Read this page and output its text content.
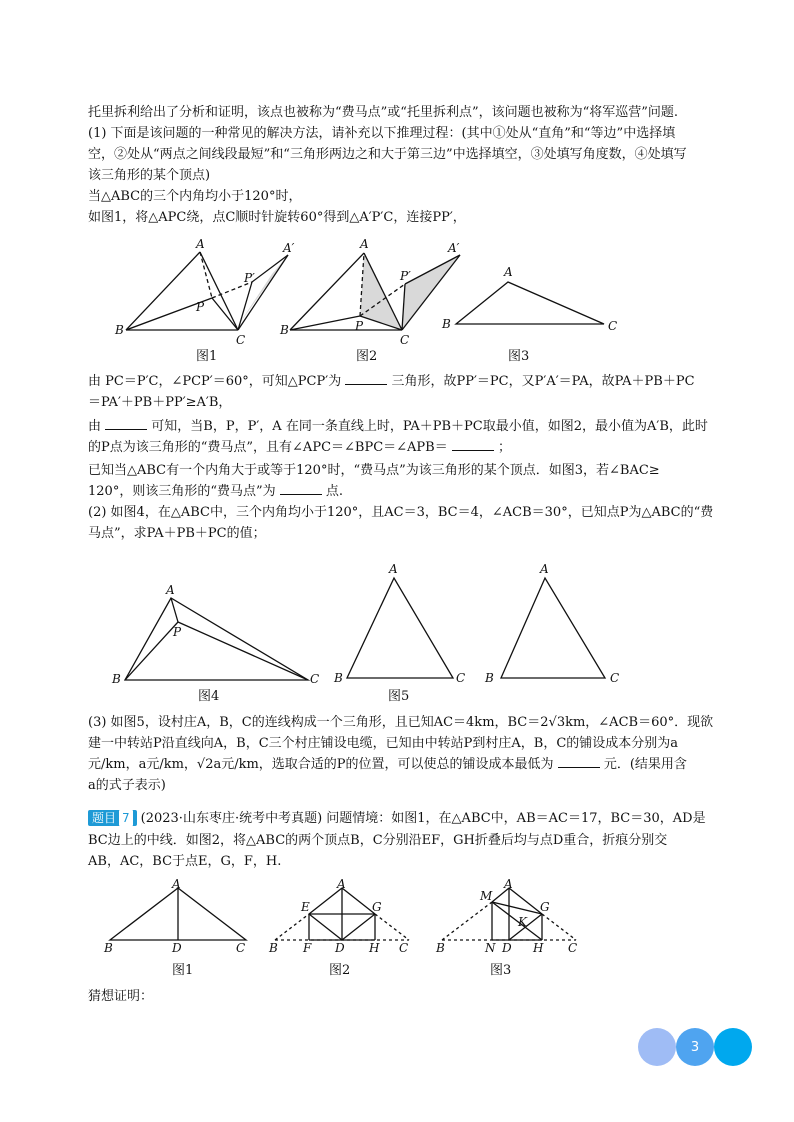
托里拆利给出了分析和证明，该点也被称为“费马点”或“托里拆利点”，该问题也被称为“将军巡营”问题.
(1) 下面是该问题的一种常见的解决方法，请补充以下推理过程：(其中①处从“直角”和“等边”中选择填
空，②处从“两点之间线段最短”和“三角形两边之和大于第三边”中选择填空，③处填写角度数，④处填写
该三角形的某个顶点)
当△ABC的三个内角均小于120°时，
如图1，将△APC绕，点C顺时针旋转60°得到△A′P′C，连接PP′，
A	A′
P′
P
B
C
图1
A	A′
P′
P
B
C
图2
A
B	C
图3
由 PC＝P′C，∠PCP′＝60°，可知△PCP′为	三角形，故PP′＝PC，又P′A′＝PA，故PA＋PB＋PC
＝PA′＋PB＋PP′≥A′B，
由	可知，当B，P，P′，A 在同一条直线上时，PA＋PB＋PC取最小值，如图2，最小值为A′B，此时
的P点为该三角形的“费马点”，且有∠APC＝∠BPC＝∠APB＝	；
已知当△ABC有一个内角大于或等于120°时，“费马点”为该三角形的某个顶点．如图3，若∠BAC≥
120°，则该三角形的“费马点”为	点.
(2) 如图4，在△ABC中，三个内角均小于120°，且AC＝3，BC＝4，∠ACB＝30°，已知点P为△ABC的“费
马点”，求PA＋PB＋PC的值；
A
P
B	C
图4
A
B	C
图5
A
B	C
(3) 如图5，设村庄A，B，C的连线构成一个三角形，且已知AC＝4km，BC＝2√3km，∠ACB＝60°．现欲
建一中转站P沿直线向A，B，C三个村庄铺设电缆，已知由中转站P到村庄A，B，C的铺设成本分别为a
元/km，a元/km，√2a元/km，选取合适的P的位置，可以使总的铺设成本最低为	元．(结果用含
a的式子表示)
题目 7 (2023·山东枣庄·统考中考真题) 问题情境：如图1，在△ABC中，AB＝AC＝17，BC＝30，AD是
BC边上的中线．如图2，将△ABC的两个顶点B，C分别沿EF，GH折叠后均与点D重合，折痕分别交
AB，AC，BC于点E，G，F，H.
A
B	D	C
图1
A
E	G
B F D H C
图2
A
M
G
K
B	N D H C
图3
猜想证明：
3
